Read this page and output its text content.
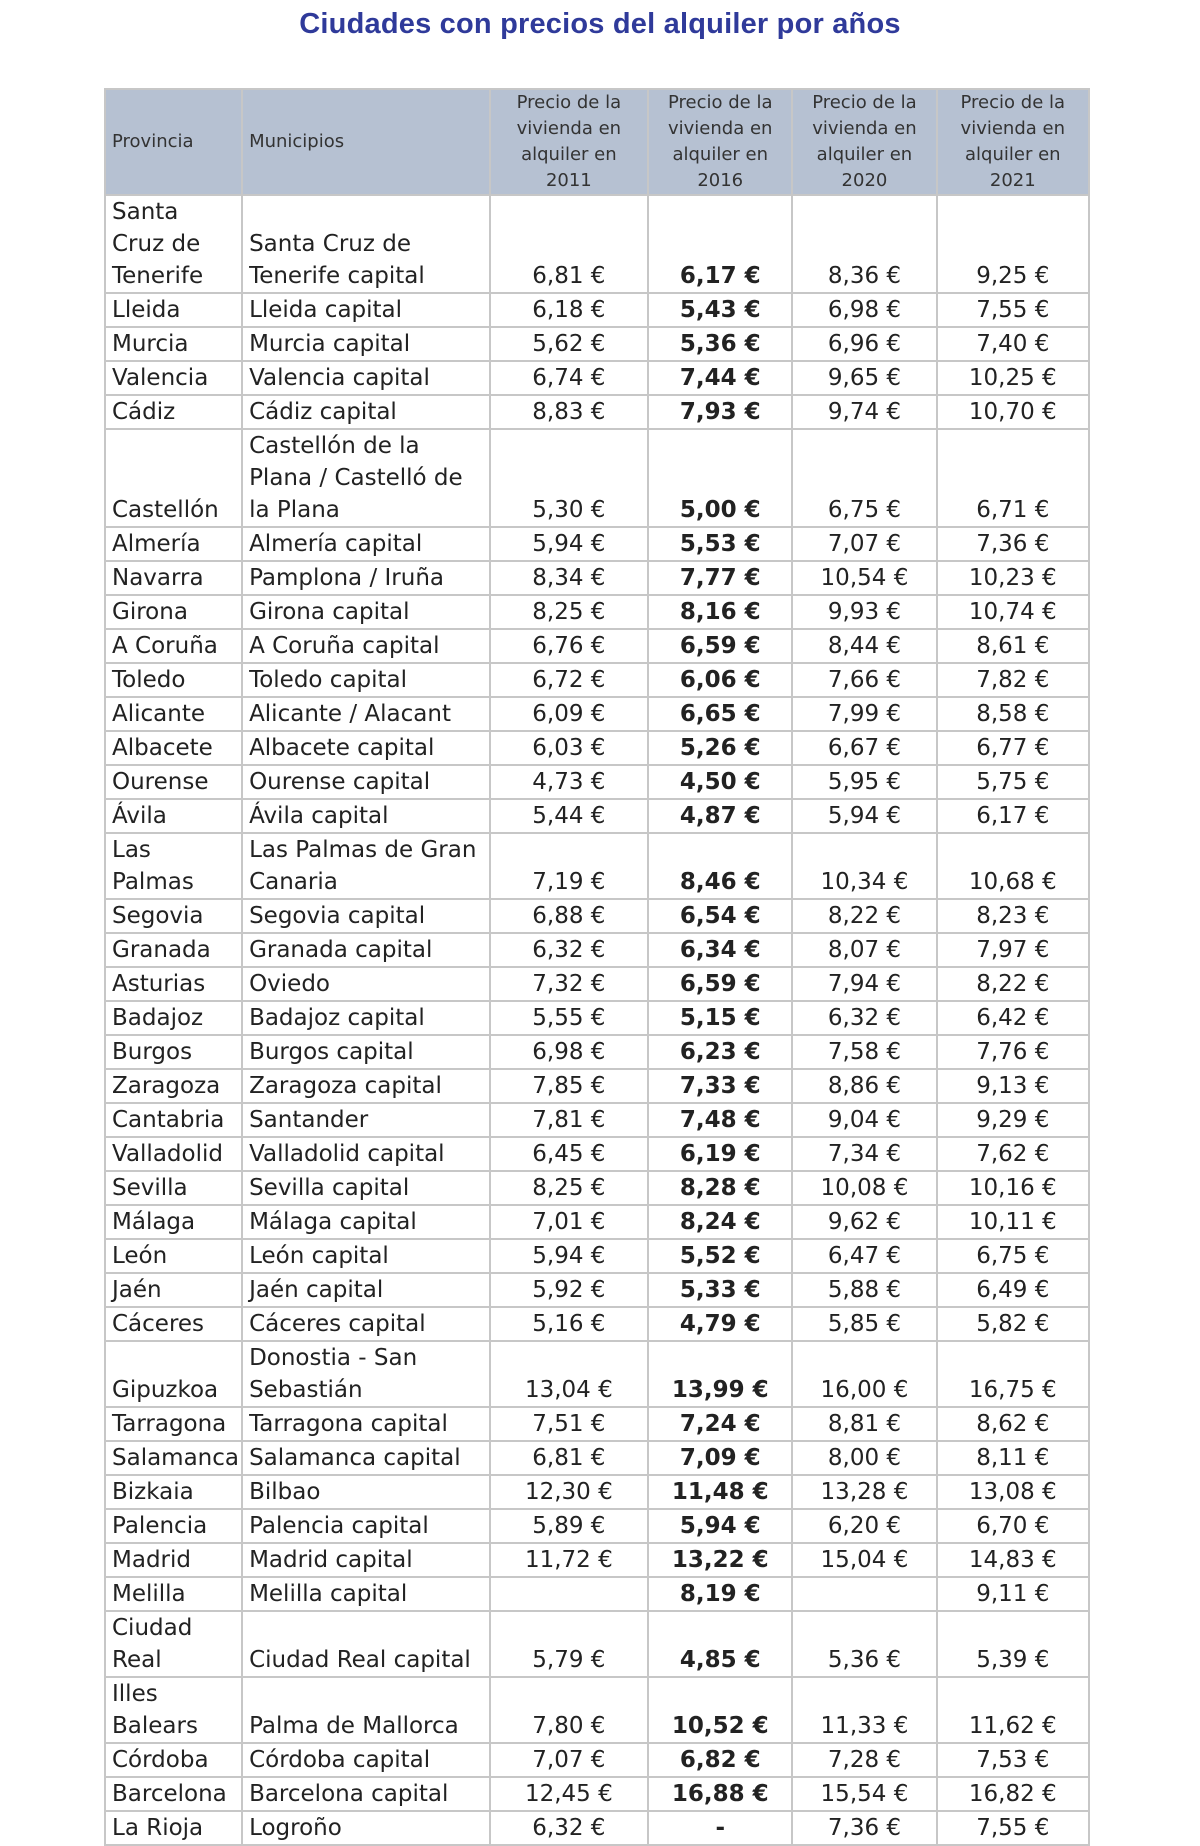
Ciudades con precios del alquiler por años
Provincia	Municipios	Precio de la vivienda en alquiler en 2011	Precio de la vivienda en alquiler en 2016	Precio de la vivienda en alquiler en 2020	Precio de la vivienda en alquiler en 2021
Santa Cruz de Tenerife	Santa Cruz de Tenerife capital	6,81 €	6,17 €	8,36 €	9,25 €
Lleida	Lleida capital	6,18 €	5,43 €	6,98 €	7,55 €
Murcia	Murcia capital	5,62 €	5,36 €	6,96 €	7,40 €
Valencia	Valencia capital	6,74 €	7,44 €	9,65 €	10,25 €
Cádiz	Cádiz capital	8,83 €	7,93 €	9,74 €	10,70 €
Castellón	Castellón de la Plana / Castelló de la Plana	5,30 €	5,00 €	6,75 €	6,71 €
Almería	Almería capital	5,94 €	5,53 €	7,07 €	7,36 €
Navarra	Pamplona / Iruña	8,34 €	7,77 €	10,54 €	10,23 €
Girona	Girona capital	8,25 €	8,16 €	9,93 €	10,74 €
A Coruña	A Coruña capital	6,76 €	6,59 €	8,44 €	8,61 €
Toledo	Toledo capital	6,72 €	6,06 €	7,66 €	7,82 €
Alicante	Alicante / Alacant	6,09 €	6,65 €	7,99 €	8,58 €
Albacete	Albacete capital	6,03 €	5,26 €	6,67 €	6,77 €
Ourense	Ourense capital	4,73 €	4,50 €	5,95 €	5,75 €
Ávila	Ávila capital	5,44 €	4,87 €	5,94 €	6,17 €
Las Palmas	Las Palmas de Gran Canaria	7,19 €	8,46 €	10,34 €	10,68 €
Segovia	Segovia capital	6,88 €	6,54 €	8,22 €	8,23 €
Granada	Granada capital	6,32 €	6,34 €	8,07 €	7,97 €
Asturias	Oviedo	7,32 €	6,59 €	7,94 €	8,22 €
Badajoz	Badajoz capital	5,55 €	5,15 €	6,32 €	6,42 €
Burgos	Burgos capital	6,98 €	6,23 €	7,58 €	7,76 €
Zaragoza	Zaragoza capital	7,85 €	7,33 €	8,86 €	9,13 €
Cantabria	Santander	7,81 €	7,48 €	9,04 €	9,29 €
Valladolid	Valladolid capital	6,45 €	6,19 €	7,34 €	7,62 €
Sevilla	Sevilla capital	8,25 €	8,28 €	10,08 €	10,16 €
Málaga	Málaga capital	7,01 €	8,24 €	9,62 €	10,11 €
León	León capital	5,94 €	5,52 €	6,47 €	6,75 €
Jaén	Jaén capital	5,92 €	5,33 €	5,88 €	6,49 €
Cáceres	Cáceres capital	5,16 €	4,79 €	5,85 €	5,82 €
Gipuzkoa	Donostia - San Sebastián	13,04 €	13,99 €	16,00 €	16,75 €
Tarragona	Tarragona capital	7,51 €	7,24 €	8,81 €	8,62 €
Salamanca	Salamanca capital	6,81 €	7,09 €	8,00 €	8,11 €
Bizkaia	Bilbao	12,30 €	11,48 €	13,28 €	13,08 €
Palencia	Palencia capital	5,89 €	5,94 €	6,20 €	6,70 €
Madrid	Madrid capital	11,72 €	13,22 €	15,04 €	14,83 €
Melilla	Melilla capital		8,19 €		9,11 €
Ciudad Real	Ciudad Real capital	5,79 €	4,85 €	5,36 €	5,39 €
Illes Balears	Palma de Mallorca	7,80 €	10,52 €	11,33 €	11,62 €
Córdoba	Córdoba capital	7,07 €	6,82 €	7,28 €	7,53 €
Barcelona	Barcelona capital	12,45 €	16,88 €	15,54 €	16,82 €
La Rioja	Logroño	6,32 €	-	7,36 €	7,55 €
